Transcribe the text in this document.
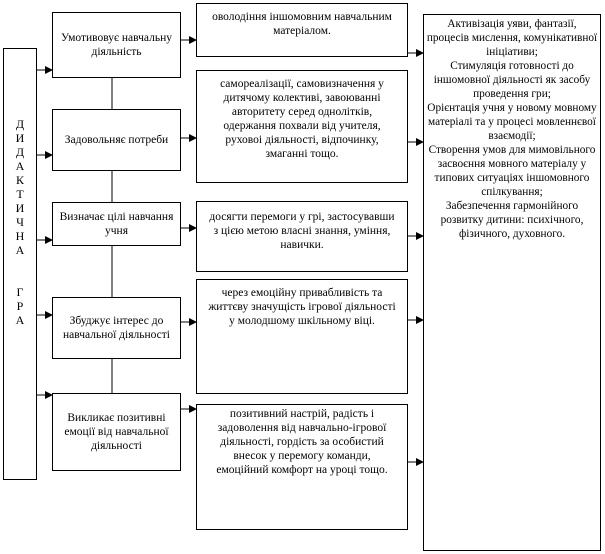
Д
И
Д
А
К
Т
И
Ч
Н
А
Г
Р
А
Умотивовує навчальну діяльність
Задовольняє потреби
Визначає цілі навчання учня
Збуджує інтерес до навчальної діяльності
Викликає позитивні емоції від навчальної діяльності
оволодіння іншомовним навчальним матеріалом.
самореалізації, самовизначення у дитячому колективі, завоюванні авторитету серед однолітків, одержання похвали від учителя, руховоі діяльності, відпочинку, змаганні тощо.
досягти перемоги у грі, застосувавши з цією метою власні знання, уміння, навички.
через емоційну привабливість та життєву значущість ігрової діяльності у молодшому шкільному віці.
позитивний настрій, радість і задоволення від навчально-ігрової діяльності, гордість за особистий внесок у перемогу команди, емоційний комфорт на уроці тощо.
Активізація уяви, фантазії, процесів мислення, комунікативної ініціативи;
Стимуляція готовності до іншомовної діяльності як засобу проведення гри;
Орієнтація учня у новому мовному матеріалі та у процесі мовленнєвої взаємодії;
Створення умов для мимовільного засвоєння мовного матеріалу у типових ситуаціях іншомовного спілкування;
Забезпечення гармонійного розвитку дитини: психічного, фізичного, духовного.
